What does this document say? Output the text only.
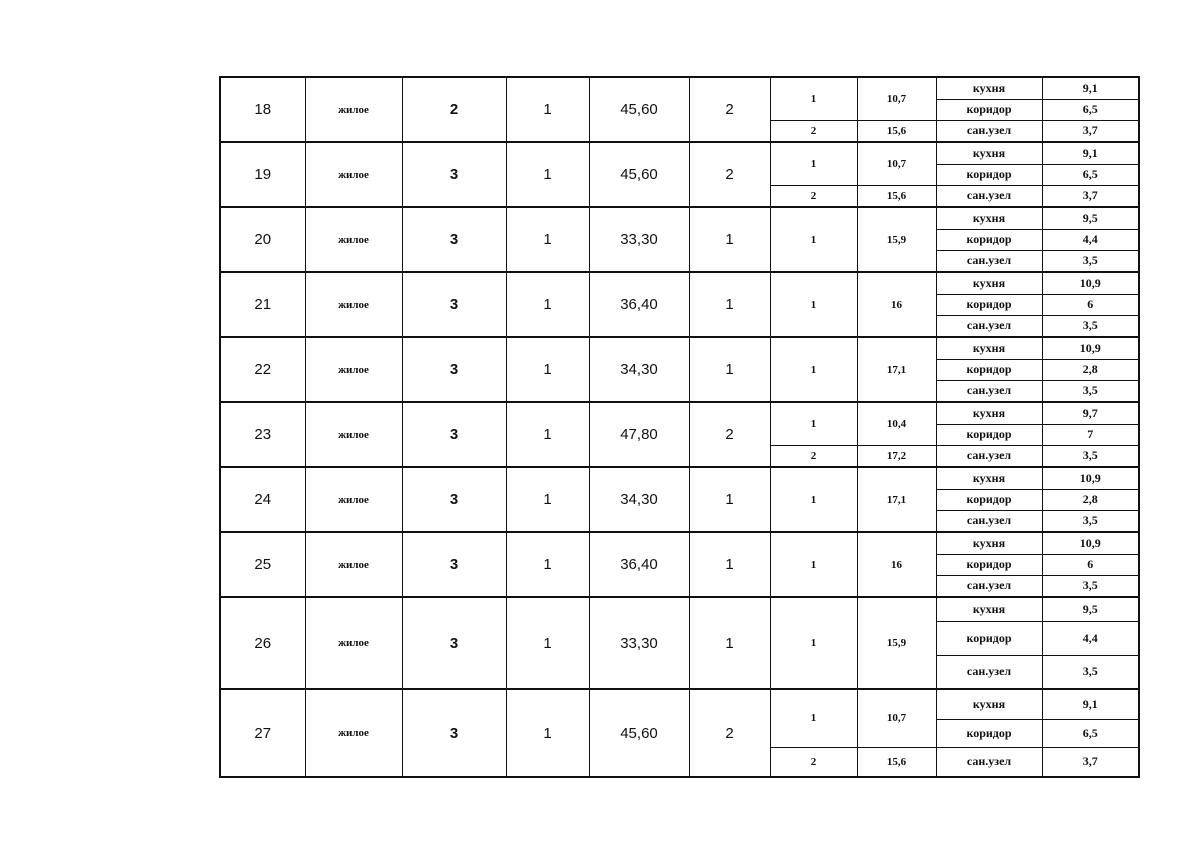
18	жилое	2	1	45,60	2	1	10,7	кухня	9,1
								коридор	6,5
						2	15,6	сан.узел	3,7
19	жилое	3	1	45,60	2	1	10,7	кухня	9,1
								коридор	6,5
						2	15,6	сан.узел	3,7
20	жилое	3	1	33,30	1	1	15,9	кухня	9,5
								коридор	4,4
								сан.узел	3,5
21	жилое	3	1	36,40	1	1	16	кухня	10,9
								коридор	6
								сан.узел	3,5
22	жилое	3	1	34,30	1	1	17,1	кухня	10,9
								коридор	2,8
								сан.узел	3,5
23	жилое	3	1	47,80	2	1	10,4	кухня	9,7
								коридор	7
						2	17,2	сан.узел	3,5
24	жилое	3	1	34,30	1	1	17,1	кухня	10,9
								коридор	2,8
								сан.узел	3,5
25	жилое	3	1	36,40	1	1	16	кухня	10,9
								коридор	6
								сан.узел	3,5
26	жилое	3	1	33,30	1	1	15,9	кухня	9,5
								коридор	4,4
								сан.узел	3,5
27	жилое	3	1	45,60	2	1	10,7	кухня	9,1
								коридор	6,5
						2	15,6	сан.узел	3,7
